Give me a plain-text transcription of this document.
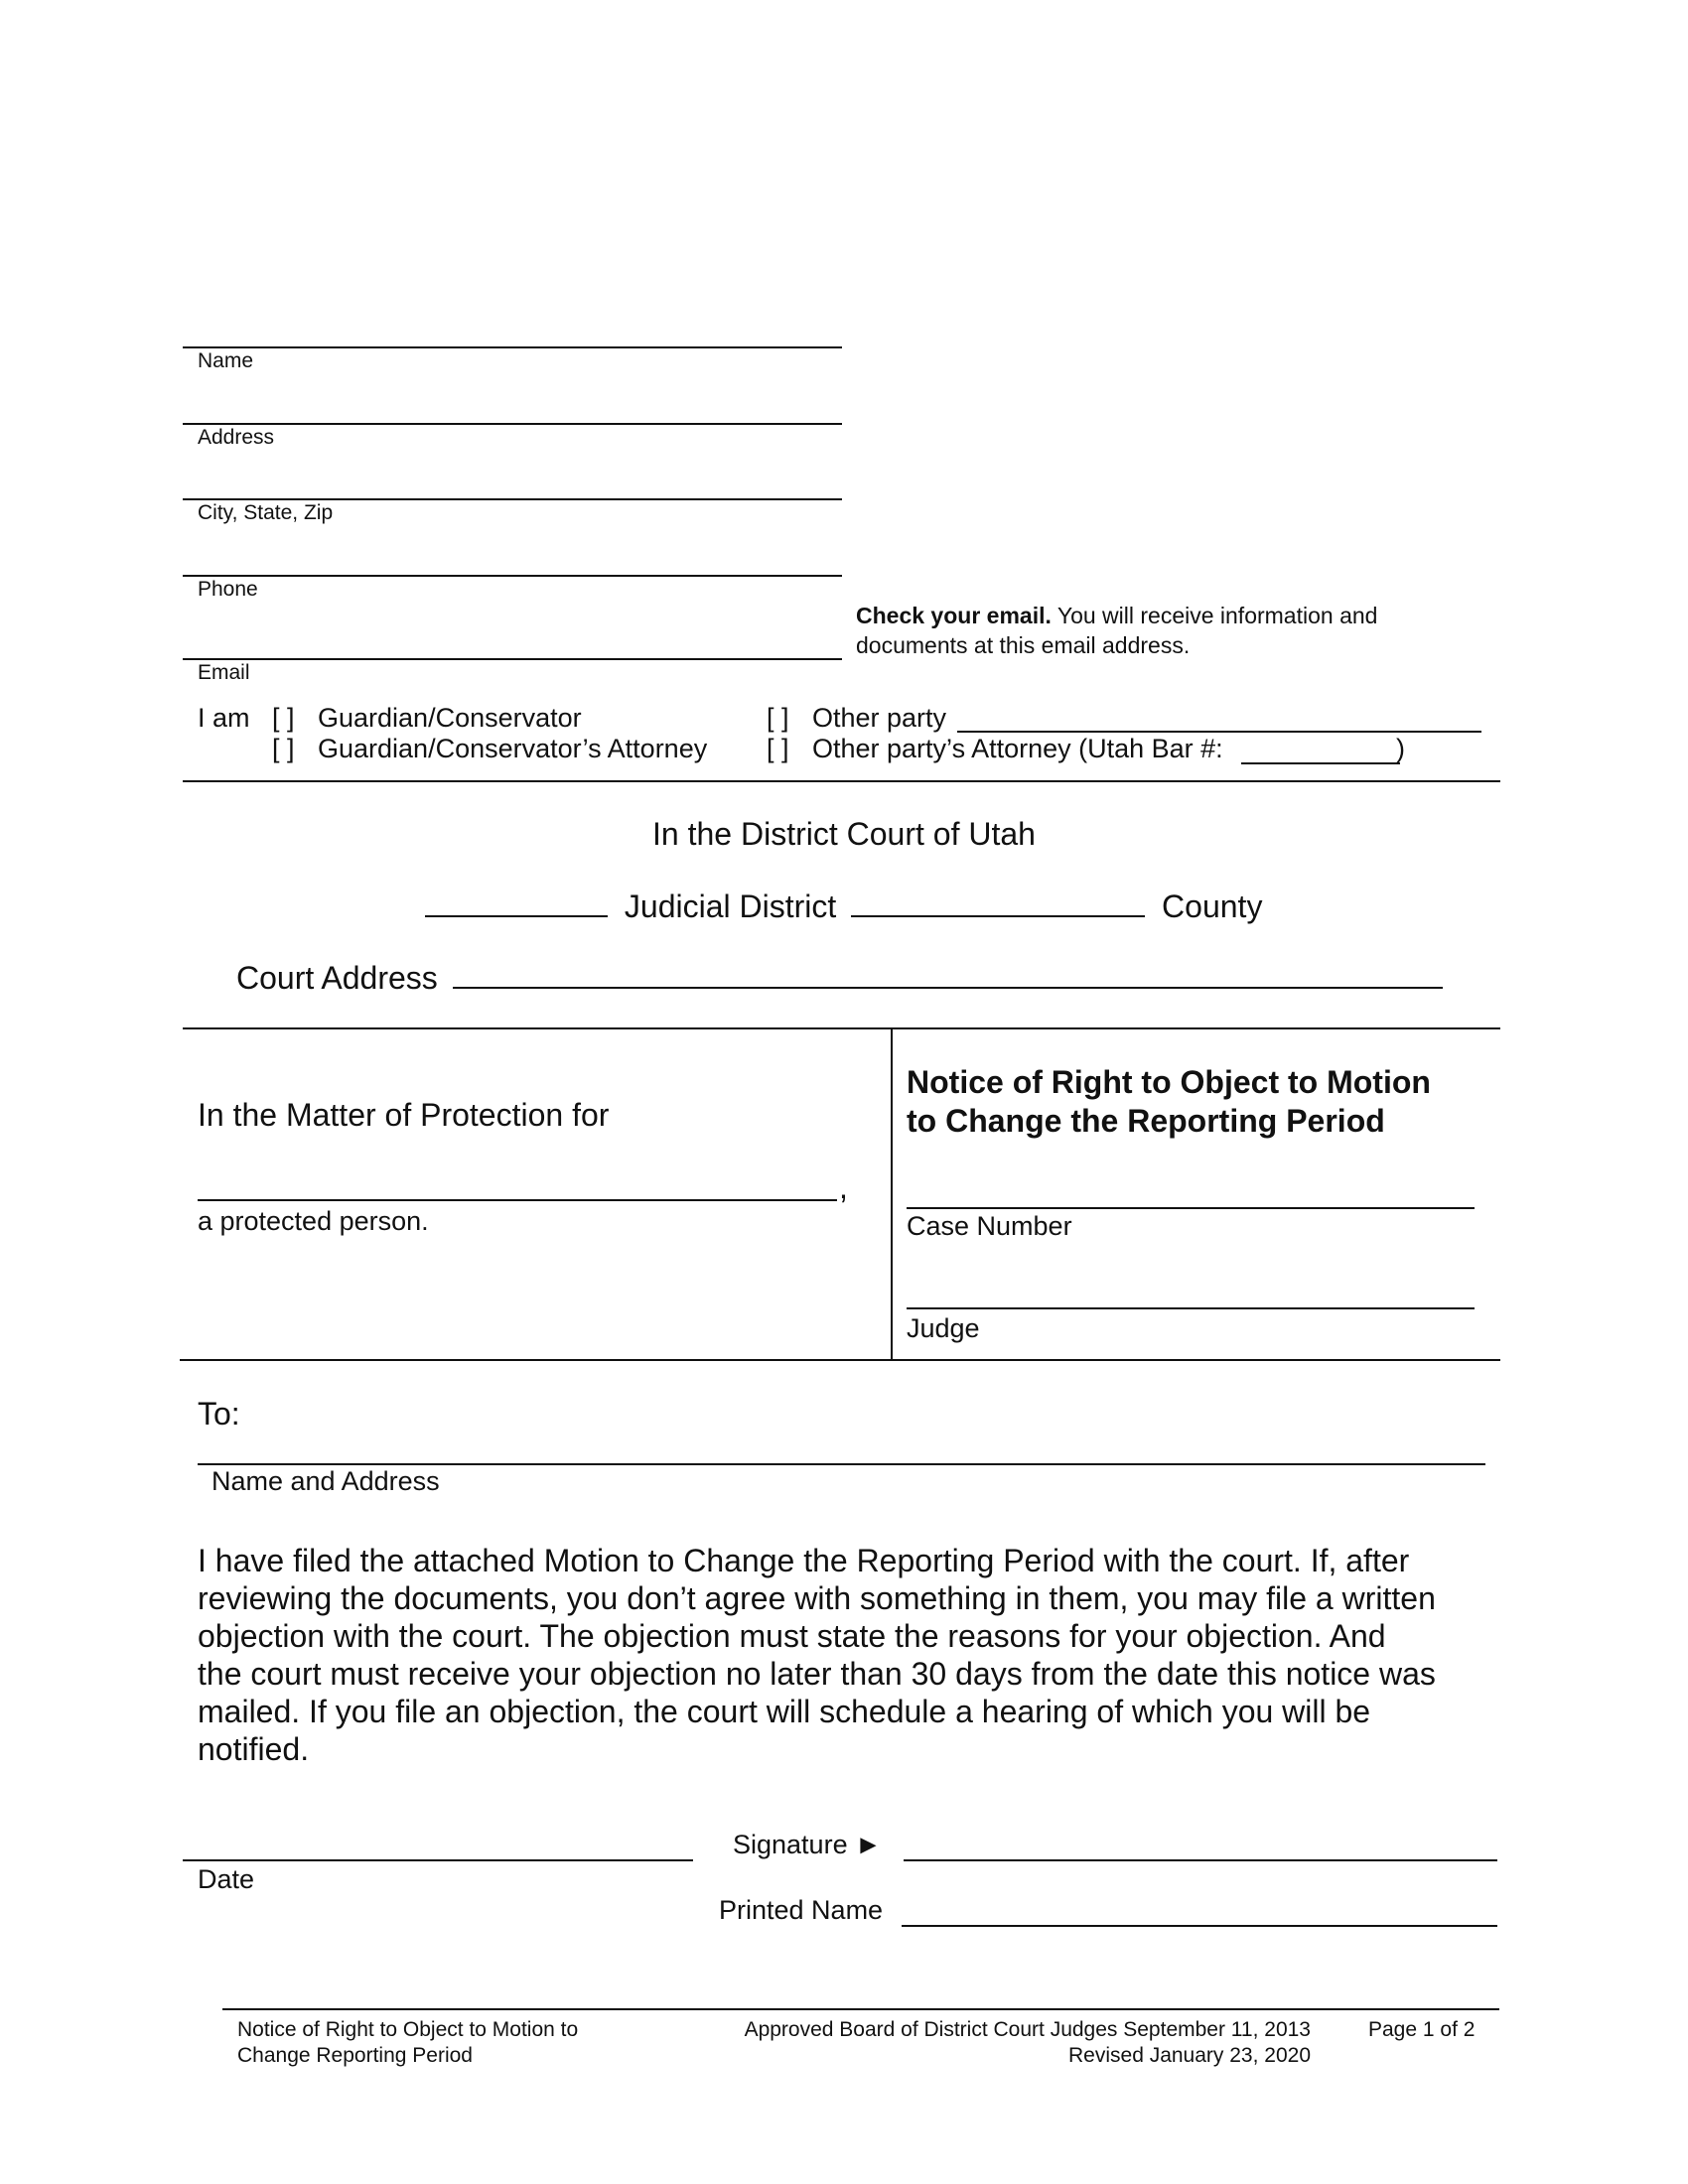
Name
Address
City, State, Zip
Phone
Email
Check your email. You will receive information and documents at this email address.
I am [ ] Guardian/Conservator
[ ] Guardian/Conservator’s Attorney
[ ] Other party
[ ] Other party’s Attorney (Utah Bar #:	)
In the District Court of Utah
Judicial District	County
Court Address
In the Matter of Protection for
,
a protected person.
Notice of Right to Object to Motion
to Change the Reporting Period
Case Number
Judge
To:
Name and Address
I have filed the attached Motion to Change the Reporting Period with the court. If, after
reviewing the documents, you don’t agree with something in them, you may file a written
objection with the court. The objection must state the reasons for your objection. And
the court must receive your objection no later than 30 days from the date this notice was
mailed. If you file an objection, the court will schedule a hearing of which you will be
notified.
Date
Signature ►
Printed Name
Notice of Right to Object to Motion to
Change Reporting Period
Approved Board of District Court Judges September 11, 2013
Revised January 23, 2020
Page 1 of 2
